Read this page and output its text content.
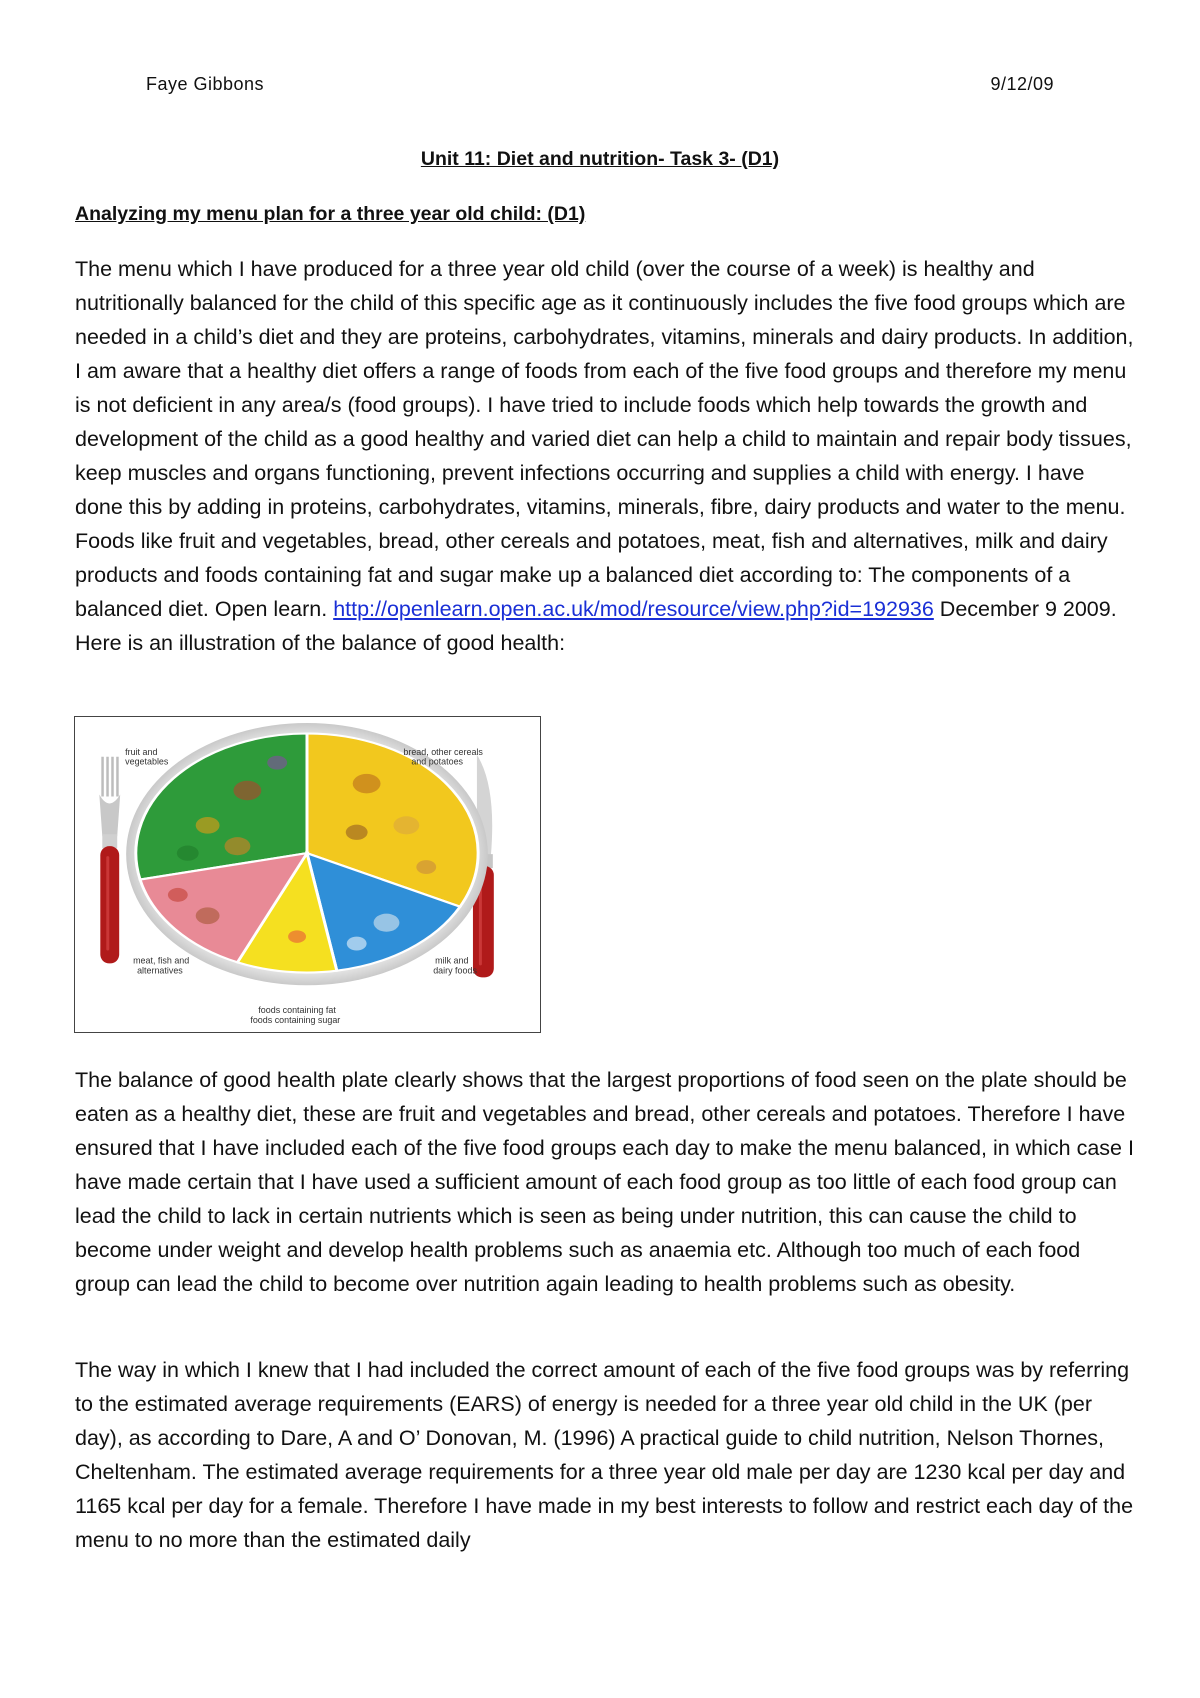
Faye Gibbons	9/12/09
Unit 11: Diet and nutrition- Task 3- (D1)
Analyzing my menu plan for a three year old child: (D1)

The menu which I have produced for a three year old child (over the course of a week) is healthy and nutritionally balanced for the child of this specific age as it continuously includes the five food groups which are needed in a child’s diet and they are proteins, carbohydrates, vitamins, minerals and dairy products. In addition, I am aware that a healthy diet offers a range of foods from each of the five food groups and therefore my menu is not deficient in any area/s (food groups). I have tried to include foods which help towards the growth and development of the child as a good healthy and varied diet can help a child to maintain and repair body tissues, keep muscles and organs functioning, prevent infections occurring and supplies a child with energy. I have done this by adding in proteins, carbohydrates, vitamins, minerals, fibre, dairy products and water to the menu. Foods like fruit and vegetables, bread, other cereals and potatoes, meat, fish and alternatives, milk and dairy products and foods containing fat and sugar make up a balanced diet according to: The components of a balanced diet. Open learn. http://openlearn.open.ac.uk/mod/resource/view.php?id=192936 December 9 2009. Here is an illustration of the balance of good health:

fruit and
vegetables
bread, other cereals
and potatoes
meat, fish and
alternatives
milk and
dairy foods
foods containing fat
foods containing sugar

The balance of good health plate clearly shows that the largest proportions of food seen on the plate should be eaten as a healthy diet, these are fruit and vegetables and bread, other cereals and potatoes. Therefore I have ensured that I have included each of the five food groups each day to make the menu balanced, in which case I have made certain that I have used a sufficient amount of each food group as too little of each food group can lead the child to lack in certain nutrients which is seen as being under nutrition, this can cause the child to become under weight and develop health problems such as anaemia etc. Although too much of each food group can lead the child to become over nutrition again leading to health problems such as obesity.

The way in which I knew that I had included the correct amount of each of the five food groups was by referring to the estimated average requirements (EARS) of energy is needed for a three year old child in the UK (per day), as according to Dare, A and O’ Donovan, M. (1996) A practical guide to child nutrition, Nelson Thornes, Cheltenham. The estimated average requirements for a three year old male per day are 1230 kcal per day and 1165 kcal per day for a female. Therefore I have made in my best interests to follow and restrict each day of the menu to no more than the estimated daily
